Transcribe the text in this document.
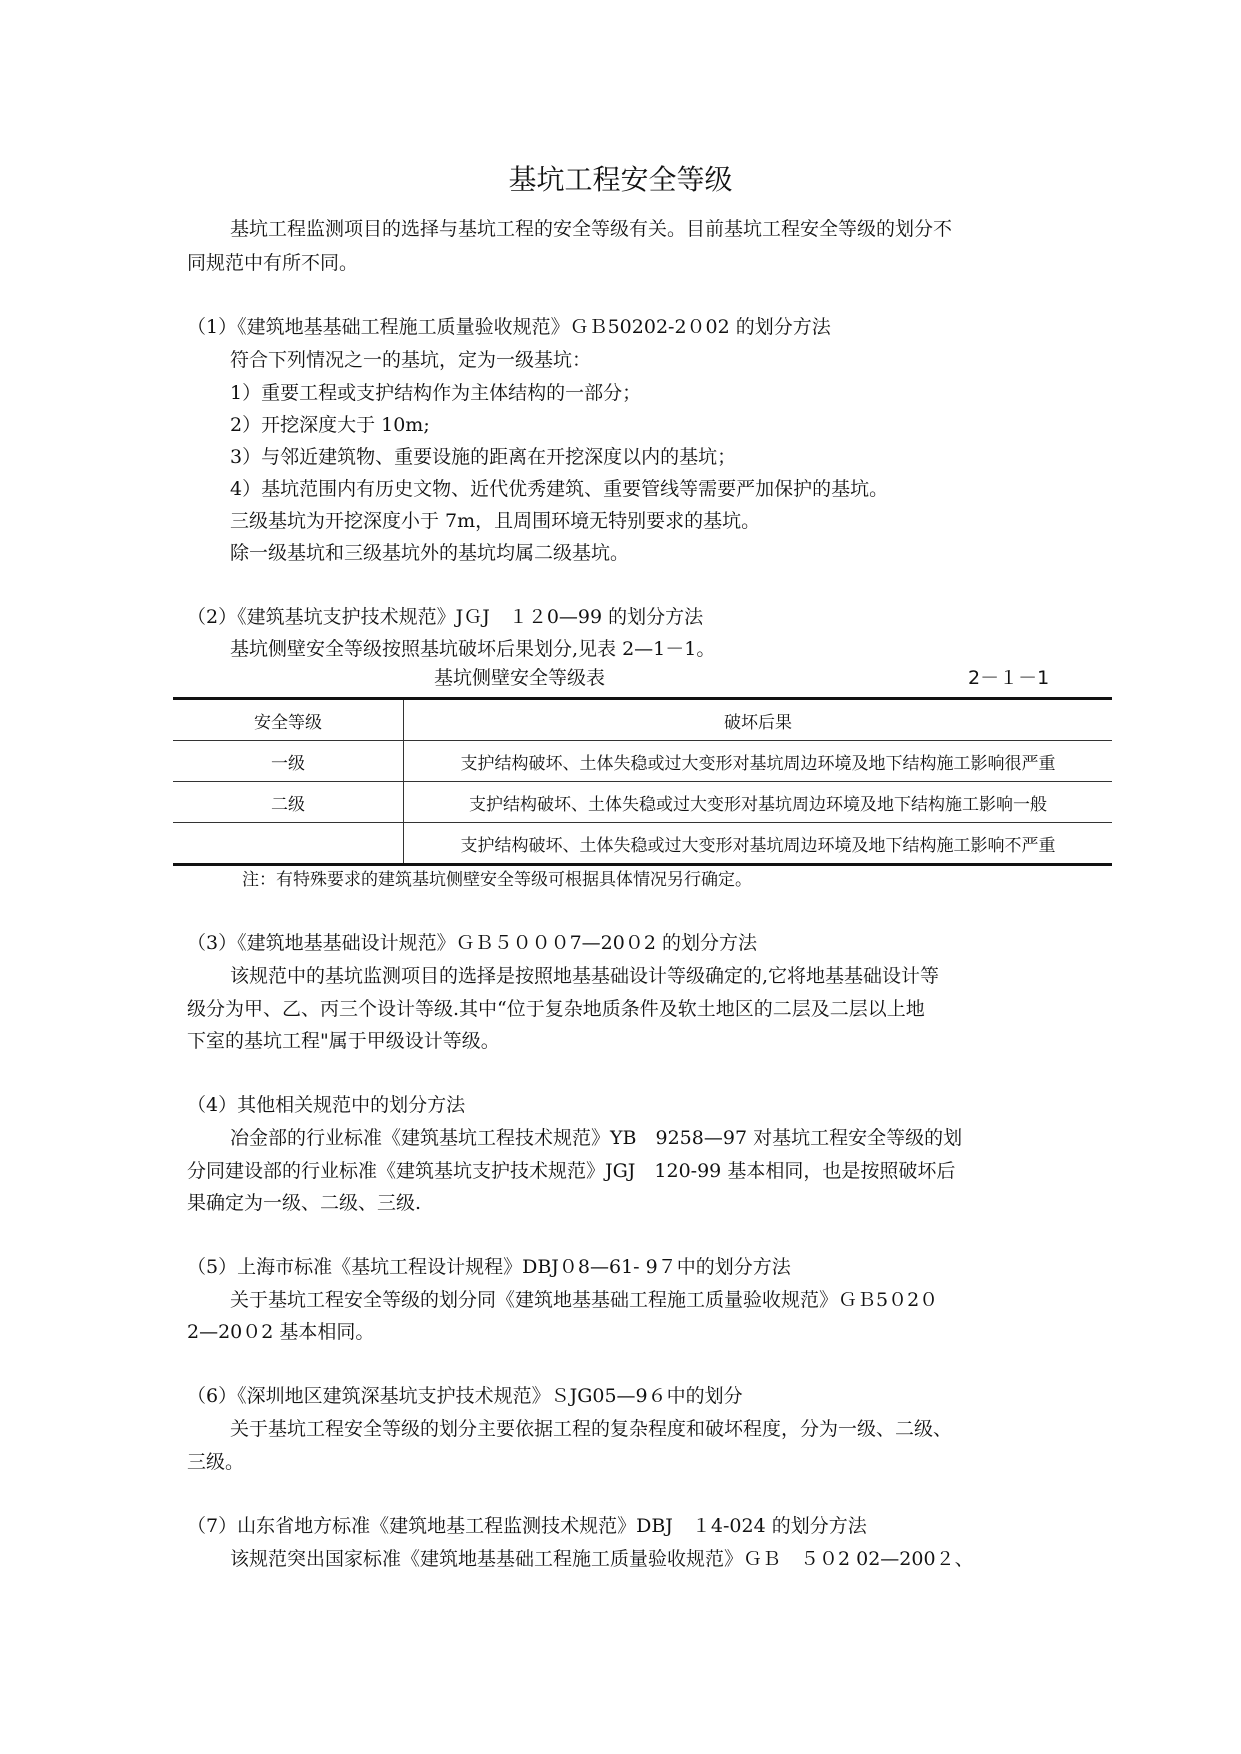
基坑工程安全等级
基坑工程监测项目的选择与基坑工程的安全等级有关。目前基坑工程安全等级的划分不
同规范中有所不同。
（1）《建筑地基基础工程施工质量验收规范》ＧＢ50202-2０02 的划分方法
符合下列情况之一的基坑，定为一级基坑：
1）重要工程或支护结构作为主体结构的一部分；
2）开挖深度大于 10m;
3）与邻近建筑物、重要设施的距离在开挖深度以内的基坑；
4）基坑范围内有历史文物、近代优秀建筑、重要管线等需要严加保护的基坑。
三级基坑为开挖深度小于 7m，且周围环境无特别要求的基坑。
除一级基坑和三级基坑外的基坑均属二级基坑。
（2）《建筑基坑支护技术规范》JＧJ　１２0—99 的划分方法
基坑侧壁安全等级按照基坑破坏后果划分,见表 2—1－1。
基坑侧壁安全等级表	2－１－1
安全等级	破坏后果
一级	支护结构破坏、土体失稳或过大变形对基坑周边环境及地下结构施工影响很严重
二级	支护结构破坏、土体失稳或过大变形对基坑周边环境及地下结构施工影响一般
	支护结构破坏、土体失稳或过大变形对基坑周边环境及地下结构施工影响不严重
注：有特殊要求的建筑基坑侧壁安全等级可根据具体情况另行确定。
（3）《建筑地基基础设计规范》ＧＢ５０００7—20０2 的划分方法
该规范中的基坑监测项目的选择是按照地基基础设计等级确定的,它将地基基础设计等
级分为甲、乙、丙三个设计等级.其中“位于复杂地质条件及软土地区的二层及二层以上地
下室的基坑工程"属于甲级设计等级。
（4）其他相关规范中的划分方法
冶金部的行业标准《建筑基坑工程技术规范》YB　9258—97 对基坑工程安全等级的划
分同建设部的行业标准《建筑基坑支护技术规范》JGJ　120-99 基本相同，也是按照破坏后
果确定为一级、二级、三级.
（5）上海市标准《基坑工程设计规程》DBJ０8—61- 9７中的划分方法
关于基坑工程安全等级的划分同《建筑地基基础工程施工质量验收规范》ＧＢ5０2０
2—20０2 基本相同。
（6）《深圳地区建筑深基坑支护技术规范》ＳJG05—9６中的划分
关于基坑工程安全等级的划分主要依据工程的复杂程度和破坏程度，分为一级、二级、
三级。
（7）山东省地方标准《建筑地基工程监测技术规范》DBJ　１4-024 的划分方法
该规范突出国家标准《建筑地基基础工程施工质量验收规范》ＧＢ　５０2 02—200２、
